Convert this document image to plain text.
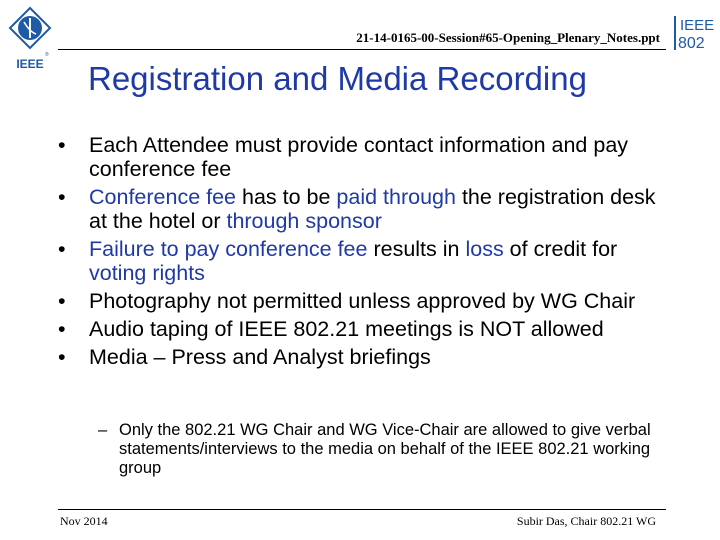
®
IEEE
21-14-0165-00-Session#65-Opening_Plenary_Notes.ppt
IEEE
802
Registration and Media Recording
• Each Attendee must provide contact information and pay conference fee
• Conference fee has to be paid through the registration desk at the hotel or through sponsor
• Failure to pay conference fee results in loss of credit for voting rights
• Photography not permitted unless approved by WG Chair
• Audio taping of IEEE 802.21 meetings is NOT allowed
• Media – Press and Analyst briefings
– Only the 802.21 WG Chair and WG Vice-Chair are allowed to give verbal statements/interviews to the media on behalf of the IEEE 802.21 working group
Nov 2014	Subir Das, Chair 802.21 WG
